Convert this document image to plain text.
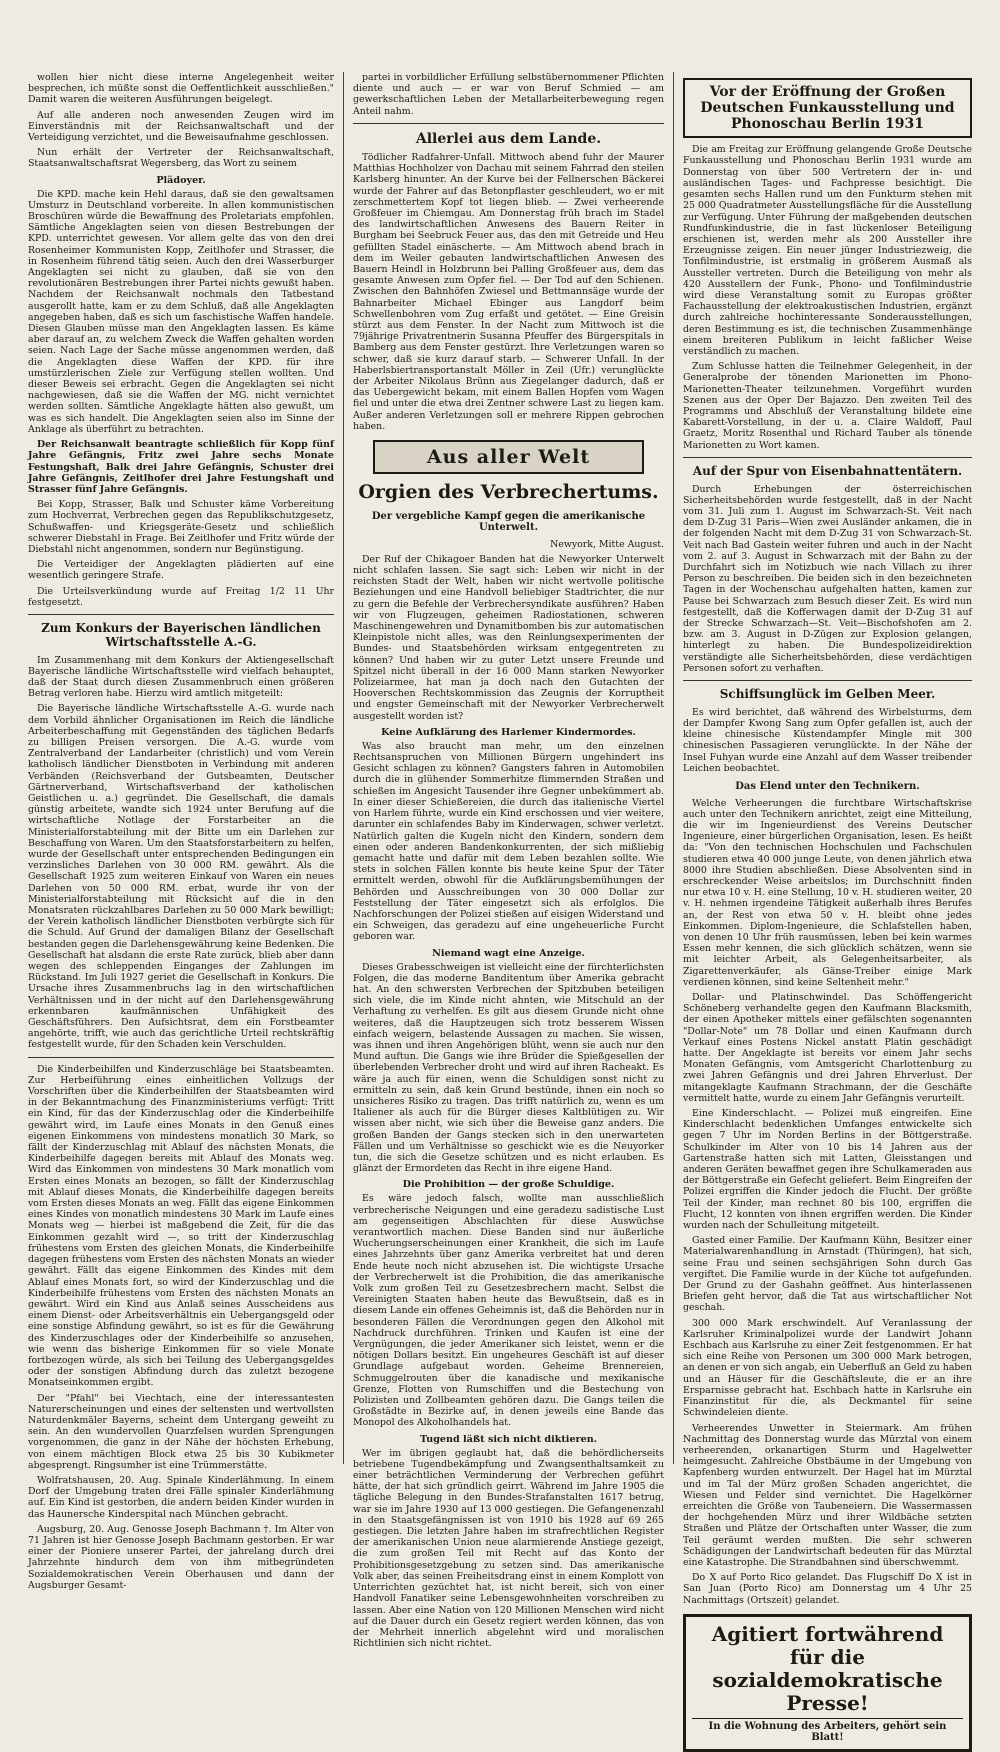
wollen hier nicht diese interne Angelegenheit weiter besprechen, ich müßte sonst die Oeffentlichkeit ausschließen." Damit waren die weiteren Ausführungen beigelegt.

Auf alle anderen noch anwesenden Zeugen wird im Einverständnis mit der Reichsanwaltschaft und der Verteidigung verzichtet, und die Beweisaufnahme geschlossen.

Nun erhält der Vertreter der Reichsanwaltschaft, Staatsanwaltschaftsrat Wegersberg, das Wort zu seinem

Plädoyer.

Die KPD. mache kein Hehl daraus, daß sie den gewaltsamen Umsturz in Deutschland vorbereite. In allen kommunistischen Broschüren würde die Bewaffnung des Proletariats empfohlen. Sämtliche Angeklagten seien von diesen Bestrebungen der KPD. unterrichtet gewesen. Vor allem gelte das von den drei Rosenheimer Kommunisten Kopp, Zeitlhofer und Strasser, die in Rosenheim führend tätig seien. Auch den drei Wasserburger Angeklagten sei nicht zu glauben, daß sie von den revolutionären Bestrebungen ihrer Partei nichts gewußt haben. Nachdem der Reichsanwalt nochmals den Tatbestand ausgerollt hatte, kam er zu dem Schluß, daß alle Angeklagten angegeben haben, daß es sich um faschistische Waffen handele. Diesen Glauben müsse man den Angeklagten lassen. Es käme aber darauf an, zu welchem Zweck die Waffen gehalten worden seien. Nach Lage der Sache müsse angenommen werden, daß die Angeklagten diese Waffen der KPD. für ihre umstürzlerischen Ziele zur Verfügung stellen wollten. Und dieser Beweis sei erbracht. Gegen die Angeklagten sei nicht nachgewiesen, daß sie die Waffen der MG. nicht vernichtet werden sollten. Sämtliche Angeklagte hätten also gewußt, um was es sich handelt. Die Angeklagten seien also im Sinne der Anklage als überführt zu betrachten.

Der Reichsanwalt beantragte schließlich für Kopp fünf Jahre Gefängnis, Fritz zwei Jahre sechs Monate Festungshaft, Balk drei Jahre Gefängnis, Schuster drei Jahre Gefängnis, Zeitlhofer drei Jahre Festungshaft und Strasser fünf Jahre Gefängnis.

Bei Kopp, Strasser, Balk und Schuster käme Vorbereitung zum Hochverrat, Verbrechen gegen das Republikschutzgesetz, Schußwaffen- und Kriegsgeräte-Gesetz und schließlich schwerer Diebstahl in Frage. Bei Zeitlhofer und Fritz würde der Diebstahl nicht angenommen, sondern nur Begünstigung.

Die Verteidiger der Angeklagten plädierten auf eine wesentlich geringere Strafe.

Die Urteilsverkündung wurde auf Freitag 1/2 11 Uhr festgesetzt.

Zum Konkurs der Bayerischen ländlichen Wirtschaftsstelle A.-G.

Im Zusammenhang mit dem Konkurs der Aktiengesellschaft Bayerische ländliche Wirtschaftsstelle wird vielfach behauptet, daß der Staat durch diesen Zusammenbruch einen größeren Betrag verloren habe. Hierzu wird amtlich mitgeteilt:

Die Bayerische ländliche Wirtschaftsstelle A.-G. wurde nach dem Vorbild ähnlicher Organisationen im Reich die ländliche Arbeiterbeschaffung mit Gegenständen des täglichen Bedarfs zu billigen Preisen versorgen. Die A.-G. wurde vom Zentralverband der Landarbeiter (christlich) und vom Verein katholisch ländlicher Dienstboten in Verbindung mit anderen Verbänden (Reichsverband der Gutsbeamten, Deutscher Gärtnerverband, Wirtschaftsverband der katholischen Geistlichen u. a.) gegründet. Die Gesellschaft, die damals günstig arbeitete, wandte sich 1924 unter Berufung auf die wirtschaftliche Notlage der Forstarbeiter an die Ministerialforstabteilung mit der Bitte um ein Darlehen zur Beschaffung von Waren. Um den Staatsforstarbeitern zu helfen, wurde der Gesellschaft unter entsprechenden Bedingungen ein verzinsliches Darlehen von 30 000 RM. gewährt. Als die Gesellschaft 1925 zum weiteren Einkauf von Waren ein neues Darlehen von 50 000 RM. erbat, wurde ihr von der Ministerialforstabteilung mit Rücksicht auf die in den Monatsraten rückzahlbares Darlehen zu 50 000 Mark bewilligt; der Verein katholisch ländlicher Dienstboten verbürgte sich für die Schuld. Auf Grund der damaligen Bilanz der Gesellschaft bestanden gegen die Darlehensgewährung keine Bedenken. Die Gesellschaft hat alsdann die erste Rate zurück, blieb aber dann wegen des schleppenden Einganges der Zahlungen im Rückstand. Im Juli 1927 geriet die Gesellschaft in Konkurs. Die Ursache ihres Zusammenbruchs lag in den wirtschaftlichen Verhältnissen und in der nicht auf den Darlehensgewährung erkennbaren kaufmännischen Unfähigkeit des Geschäftsführers. Den Aufsichtsrat, dem ein Forstbeamter angehörte, trifft, wie auch das gerichtliche Urteil rechtskräftig festgestellt wurde, für den Schaden kein Verschulden.

Die Kinderbeihilfen und Kinderzuschläge bei Staatsbeamten. Zur Herbeiführung eines einheitlichen Vollzugs der Vorschriften über die Kinderbeihilfen der Staatsbeamten wird in der Bekanntmachung des Finanzministeriums verfügt: Tritt ein Kind, für das der Kinderzuschlag oder die Kinderbeihilfe gewährt wird, im Laufe eines Monats in den Genuß eines eigenen Einkommens von mindestens monatlich 30 Mark, so fällt der Kinderzuschlag mit Ablauf des nächsten Monats, die Kinderbeihilfe dagegen bereits mit Ablauf des Monats weg. Wird das Einkommen von mindestens 30 Mark monatlich vom Ersten eines Monats an bezogen, so fällt der Kinderzuschlag mit Ablauf dieses Monats, die Kinderbeihilfe dagegen bereits vom Ersten dieses Monats an weg. Fällt das eigene Einkommen eines Kindes von monatlich mindestens 30 Mark im Laufe eines Monats weg — hierbei ist maßgebend die Zeit, für die das Einkommen gezahlt wird —, so tritt der Kinderzuschlag frühestens vom Ersten des gleichen Monats, die Kinderbeihilfe dagegen frühestens vom Ersten des nächsten Monats an wieder gewährt. Fällt das eigene Einkommen des Kindes mit dem Ablauf eines Monats fort, so wird der Kinderzuschlag und die Kinderbeihilfe frühestens vom Ersten des nächsten Monats an gewährt. Wird ein Kind aus Anlaß seines Ausscheidens aus einem Dienst- oder Arbeitsverhältnis ein Uebergangsgeld oder eine sonstige Abfindung gewährt, so ist es für die Gewährung des Kinderzuschlages oder der Kinderbeihilfe so anzusehen, wie wenn das bisherige Einkommen für so viele Monate fortbezogen würde, als sich bei Teilung des Uebergangsgeldes oder der sonstigen Abfindung durch das zuletzt bezogene Monatseinkommen ergibt.

Der "Pfahl" bei Viechtach, eine der interessantesten Naturerscheinungen und eines der seltensten und wertvollsten Naturdenkmäler Bayerns, scheint dem Untergang geweiht zu sein. An den wundervollen Quarzfelsen wurden Sprengungen vorgenommen, die ganz in der Nähe der höchsten Erhebung, von einem mächtigen Block etwa 25 bis 30 Kubikmeter abgesprengt. Ringsumher ist eine Trümmerstätte.

Wolfratshausen, 20. Aug. Spinale Kinderlähmung. In einem Dorf der Umgebung traten drei Fälle spinaler Kinderlähmung auf. Ein Kind ist gestorben, die andern beiden Kinder wurden in das Haunersche Kinderspital nach München gebracht.

Augsburg, 20. Aug. Genosse Joseph Bachmann †. Im Alter von 71 Jahren ist hier Genosse Joseph Bachmann gestorben. Er war einer der Pioniere unserer Partei, der jahrelang durch drei Jahrzehnte hindurch dem von ihm mitbegründeten Sozialdemokratischen Verein Oberhausen und dann der Augsburger Gesamt-

partei in vorbildlicher Erfüllung selbstübernommener Pflichten diente und auch — er war von Beruf Schmied — am gewerkschaftlichen Leben der Metallarbeiterbewegung regen Anteil nahm.

Allerlei aus dem Lande.

Tödlicher Radfahrer-Unfall. Mittwoch abend fuhr der Maurer Matthias Hochholzer von Dachau mit seinem Fahrrad den steilen Karlsberg hinunter. An der Kurve bei der Fellnerschen Bäckerei wurde der Fahrer auf das Betonpflaster geschleudert, wo er mit zerschmettertem Kopf tot liegen blieb. — Zwei verheerende Großfeuer im Chiemgau. Am Donnerstag früh brach im Stadel des landwirtschaftlichen Anwesens des Bauern Reiter in Burgham bei Seebruck Feuer aus, das den mit Getreide und Heu gefüllten Stadel einäscherte. — Am Mittwoch abend brach in dem im Weiler gebauten landwirtschaftlichen Anwesen des Bauern Heindl in Holzbrunn bei Palling Großfeuer aus, dem das gesamte Anwesen zum Opfer fiel. — Der Tod auf den Schienen. Zwischen den Bahnhöfen Zwiesel und Bettmannsäge wurde der Bahnarbeiter Michael Ebinger aus Langdorf beim Schwellenbohren vom Zug erfaßt und getötet. — Eine Greisin stürzt aus dem Fenster. In der Nacht zum Mittwoch ist die 79jährige Privatrentnerin Susanna Pfeuffer des Bürgerspitals in Bamberg aus dem Fenster gestürzt. Ihre Verletzungen waren so schwer, daß sie kurz darauf starb. — Schwerer Unfall. In der Haberlsbiertransportanstalt Möller in Zeil (Ufr.) verunglückte der Arbeiter Nikolaus Brünn aus Ziegelanger dadurch, daß er das Uebergewicht bekam, mit einem Ballen Hopfen vom Wagen fiel und unter die etwa drei Zentner schwere Last zu liegen kam. Außer anderen Verletzungen soll er mehrere Rippen gebrochen haben.

Aus aller Welt
Orgien des Verbrechertums.
Der vergebliche Kampf gegen die amerikanische Unterwelt.
Newyork, Mitte August.

Der Ruf der Chikagoer Banden hat die Newyorker Unterwelt nicht schlafen lassen. Sie sagt sich: Leben wir nicht in der reichsten Stadt der Welt, haben wir nicht wertvolle politische Beziehungen und eine Handvoll beliebiger Stadtrichter, die nur zu gern die Befehle der Verbrechersyndikate ausführen? Haben wir von Flugzeugen, geheimen Radiostationen, schweren Maschinengewehren und Dynamitbomben bis zur automatischen Kleinpistole nicht alles, was den Reinlungsexperimenten der Bundes- und Staatsbehörden wirksam entgegentreten zu können? Und haben wir zu guter Letzt unsere Freunde und Spitzel nicht überall in der 16 000 Mann starken Newyorker Polizeiarmee, hat man ja doch nach den Gutachten der Hooverschen Rechtskommission das Zeugnis der Korruptheit und engster Gemeinschaft mit der Newyorker Verbrecherwelt ausgestellt worden ist?

Keine Aufklärung des Harlemer Kindermordes.

Was also braucht man mehr, um den einzelnen Rechtsanspruchen von Millionen Bürgern ungehindert ins Gesicht schlagen zu können? Gangsters fahren in Automobilen durch die in glühender Sommerhitze flimmernden Straßen und schießen im Angesicht Tausender ihre Gegner unbekümmert ab. In einer dieser Schießereien, die durch das italienische Viertel von Harlem führte, wurde ein Kind erschossen und vier weitere, darunter ein schlafendes Baby im Kinderwagen, schwer verletzt. Natürlich galten die Kugeln nicht den Kindern, sondern dem einen oder anderen Bandenkonkurrenten, der sich mißliebig gemacht hatte und dafür mit dem Leben bezahlen sollte. Wie stets in solchen Fällen konnte bis heute keine Spur der Täter ermittelt werden, obwohl für die Aufklärungsbemühungen der Behörden und Ausschreibungen von 30 000 Dollar zur Feststellung der Täter eingesetzt sich als erfolglos. Die Nachforschungen der Polizei stießen auf eisigen Widerstand und ein Schweigen, das geradezu auf eine ungeheuerliche Furcht geboren war.

Niemand wagt eine Anzeige.

Dieses Grabesschweigen ist vielleicht eine der fürchterlichsten Folgen, die das moderne Banditentum über Amerika gebracht hat. An den schwersten Verbrechen der Spitzbuben beteiligen sich viele, die im Kinde nicht ahnten, wie Mitschuld an der Verhaftung zu verhelfen. Es gilt aus diesem Grunde nicht ohne weiteres, daß die Hauptzeugen sich trotz besserem Wissen einfach weigern, belastende Aussagen zu machen. Sie wissen, was ihnen und ihren Angehörigen blüht, wenn sie auch nur den Mund auftun. Die Gangs wie ihre Brüder die Spießgesellen der überlebenden Verbrecher droht und wird auf ihren Racheakt. Es wäre ja auch für einen, wenn die Schuldigen sonst nicht zu ermitteln zu sein, daß kein Grund bestünde, ihnen ein noch so unsicheres Risiko zu tragen. Das trifft natürlich zu, wenn es um Italiener als auch für die Bürger dieses Kaltblütigen zu. Wir wissen aber nicht, wie sich über die Beweise ganz anders. Die großen Banden der Gangs stecken sich in den unerwarteten Fällen und um Verhältnisse so geschickt wie es die Neuyorker tun, die sich die Gesetze schützen und es nicht erlauben. Es glänzt der Ermordeten das Recht in ihre eigene Hand.

Die Prohibition — der große Schuldige.

Es wäre jedoch falsch, wollte man ausschließlich verbrecherische Neigungen und eine geradezu sadistische Lust am gegenseitigen Abschlachten für diese Auswüchse verantwortlich machen. Diese Banden sind nur äußerliche Wucherungserscheinungen einer Krankheit, die sich im Laufe eines Jahrzehnts über ganz Amerika verbreitet hat und deren Ende heute noch nicht abzusehen ist. Die wichtigste Ursache der Verbrecherwelt ist die Prohibition, die das amerikanische Volk zum großen Teil zu Gesetzesbrechern macht. Selbst die Vereinigten Staaten haben heute das Bewußtsein, daß es in diesem Lande ein offenes Geheimnis ist, daß die Behörden nur in besonderen Fällen die Verordnungen gegen den Alkohol mit Nachdruck durchführen. Trinken und Kaufen ist eine der Vergnügungen, die jeder Amerikaner sich leistet, wenn er die nötigen Dollars besitzt. Ein ungeheures Geschäft ist auf dieser Grundlage aufgebaut worden. Geheime Brennereien, Schmuggelrouten über die kanadische und mexikanische Grenze, Flotten von Rumschiffen und die Bestechung von Polizisten und Zollbeamten gehören dazu. Die Gangs teilen die Großstädte in Bezirke auf, in denen jeweils eine Bande das Monopol des Alkoholhandels hat.

Tugend läßt sich nicht diktieren.

Wer im übrigen geglaubt hat, daß die behördlicherseits betriebene Tugendbekämpfung und Zwangsenthaltsamkeit zu einer beträchtlichen Verminderung der Verbrechen geführt hätte, der hat sich gründlich geirrt. Während im Jahre 1905 die tägliche Belegung in den Bundes-Strafanstalten 1617 betrug, war sie im Jahre 1930 auf 13 000 gestiegen. Die Gefangenenzahl in den Staatsgefängnissen ist von 1910 bis 1928 auf 69 265 gestiegen. Die letzten Jahre haben im strafrechtlichen Register der amerikanischen Union neue alarmierende Anstiege gezeigt, die zum großen Teil mit Recht auf das Konto der Prohibitionsgesetzgebung zu setzen sind. Das amerikanische Volk aber, das seinen Freiheitsdrang einst in einem Komplott von Unterrichten gezüchtet hat, ist nicht bereit, sich von einer Handvoll Fanatiker seine Lebensgewohnheiten vorschreiben zu lassen. Aber eine Nation von 120 Millionen Menschen wird nicht auf die Dauer durch ein Gesetz regiert werden können, das von der Mehrheit innerlich abgelehnt wird und moralischen Richtlinien sich nicht richtet.

Vor der Eröffnung der Großen Deutschen Funkausstellung und Phonoschau Berlin 1931

Die am Freitag zur Eröffnung gelangende Große Deutsche Funkausstellung und Phonoschau Berlin 1931 wurde am Donnerstag von über 500 Vertretern der in- und ausländischen Tages- und Fachpresse besichtigt. Die gesamten sechs Hallen rund um den Funkturm stehen mit 25 000 Quadratmeter Ausstellungsfläche für die Ausstellung zur Verfügung. Unter Führung der maßgebenden deutschen Rundfunkindustrie, die in fast lückenloser Beteiligung erschienen ist, werden mehr als 200 Aussteller ihre Erzeugnisse zeigen. Ein neuer jünger Industriezweig, die Tonfilmindustrie, ist erstmalig in größerem Ausmaß als Aussteller vertreten. Durch die Beteiligung von mehr als 420 Ausstellern der Funk-, Phono- und Tonfilmindustrie wird diese Veranstaltung somit zu Europas größter Fachausstellung der elektroakustischen Industrien, ergänzt durch zahlreiche hochinteressante Sonderausstellungen, deren Bestimmung es ist, die technischen Zusammenhänge einem breiteren Publikum in leicht faßlicher Weise verständlich zu machen.

Zum Schlusse hatten die Teilnehmer Gelegenheit, in der Generalprobe der tönenden Marionetten im Phono-Marionetten-Theater teilzunehmen. Vorgeführt wurden Szenen aus der Oper Der Bajazzo. Den zweiten Teil des Programms und Abschluß der Veranstaltung bildete eine Kabarett-Vorstellung, in der u. a. Claire Waldoff, Paul Graetz, Moritz Rosenthal und Richard Tauber als tönende Marionetten zu Wort kamen.

Auf der Spur von Eisenbahnattentätern.

Durch Erhebungen der österreichischen Sicherheitsbehörden wurde festgestellt, daß in der Nacht vom 31. Juli zum 1. August im Schwarzach-St. Veit nach dem D-Zug 31 Paris—Wien zwei Ausländer ankamen, die in der folgenden Nacht mit dem D-Zug 31 von Schwarzach-St. Veit nach Bad Gastein weiter fuhren und auch in der Nacht vom 2. auf 3. August in Schwarzach mit der Bahn zu der Durchfahrt sich im Notizbuch wie nach Villach zu ihrer Person zu beschreiben. Die beiden sich in den bezeichneten Tagen in der Wochenschau aufgehalten hatten, kamen zur Pause bei Schwarzach zum Besuch dieser Zeit. Es wird nun festgestellt, daß die Kofferwagen damit der D-Zug 31 auf der Strecke Schwarzach—St. Veit—Bischofshofen am 2. bzw. am 3. August in D-Zügen zur Explosion gelangen, hinterlegt zu haben. Die Bundespolizeidirektion verständigte alle Sicherheitsbehörden, diese verdächtigen Personen sofort zu verhaften.

Schiffsunglück im Gelben Meer.

Es wird berichtet, daß während des Wirbelsturms, dem der Dampfer Kwong Sang zum Opfer gefallen ist, auch der kleine chinesische Küstendampfer Mingle mit 300 chinesischen Passagieren verunglückte. In der Nähe der Insel Fuhyan wurde eine Anzahl auf dem Wasser treibender Leichen beobachtet.

Das Elend unter den Technikern.

Welche Verheerungen die furchtbare Wirtschaftskrise auch unter den Technikern anrichtet, zeigt eine Mitteilung, die wir im Ingenieurdienst des Vereins Deutscher Ingenieure, einer bürgerlichen Organisation, lesen. Es heißt da: "Von den technischen Hochschulen und Fachschulen studieren etwa 40 000 junge Leute, von denen jährlich etwa 8000 ihre Studien abschließen. Diese Absolventen sind in erschreckender Weise arbeitslos; im Durchschnitt finden nur etwa 10 v. H. eine Stellung, 10 v. H. studieren weiter, 20 v. H. nehmen irgendeine Tätigkeit außerhalb ihres Berufes an, der Rest von etwa 50 v. H. bleibt ohne jedes Einkommen. Diplom-Ingenieure, die Schlafstellen haben, von denen 10 Uhr früh rausmüssen, leben bei kein warmes Essen mehr kennen, die sich glücklich schätzen, wenn sie mit leichter Arbeit, als Gelegenheitsarbeiter, als Zigarettenverkäufer, als Gänse-Treiber einige Mark verdienen können, sind keine Seltenheit mehr."

Dollar- und Platinschwindel. Das Schöffengericht Schöneberg verhandelte gegen den Kaufmann Blacksmith, der einen Apotheker mittels einer gefälschten sogenannten "Dollar-Note" um 78 Dollar und einen Kaufmann durch Verkauf eines Postens Nickel anstatt Platin geschädigt hatte. Der Angeklagte ist bereits vor einem Jahr sechs Monaten Gefängnis, vom Amtsgericht Charlottenburg zu zwei Jahren Gefängnis und drei Jahren Ehrverlust. Der mitangeklagte Kaufmann Strachmann, der die Geschäfte vermittelt hatte, wurde zu einem Jahr Gefängnis verurteilt.

Eine Kinderschlacht. — Polizei muß eingreifen. Eine Kinderschlacht bedenklichen Umfanges entwickelte sich gegen 7 Uhr im Norden Berlins in der Böttgerstraße. Schulkinder im Alter von 10 bis 14 Jahren aus der Gartenstraße hatten sich mit Latten, Gleisstangen und anderen Geräten bewaffnet gegen ihre Schulkameraden aus der Böttgerstraße ein Gefecht geliefert. Beim Eingreifen der Polizei ergriffen die Kinder jedoch die Flucht. Der größte Teil der Kinder, man rechnet 80 bis 100, ergriffen die Flucht, 12 konnten von ihnen ergriffen werden. Die Kinder wurden nach der Schulleitung mitgeteilt.

Gasted einer Familie. Der Kaufmann Kühn, Besitzer einer Materialwarenhandlung in Arnstadt (Thüringen), hat sich, seine Frau und seinen sechsjährigen Sohn durch Gas vergiftet. Die Familie wurde in der Küche tot aufgefunden. Der Grund zu der Gashahn geöffnet. Aus hinterlassenen Briefen geht hervor, daß die Tat aus wirtschaftlicher Not geschah.

300 000 Mark erschwindelt. Auf Veranlassung der Karlsruher Kriminalpolizei wurde der Landwirt Johann Eschbach aus Karlsruhe zu einer Zeit festgenommen. Er hat sich eine Reihe von Personen um 300 000 Mark betrogen, an denen er von sich angab, ein Ueberfluß an Geld zu haben und an Häuser für die Geschäftsleute, die er an ihre Ersparnisse gebracht hat. Eschbach hatte in Karlsruhe ein Finanzinstitut für die, als Deckmantel für seine Schwindeleien diente.

Verheerendes Unwetter in Steiermark. Am frühen Nachmittag des Donnerstag wurde das Mürztal von einem verheerenden, orkanartigen Sturm und Hagelwetter heimgesucht. Zahlreiche Obstbäume in der Umgebung von Kapfenberg wurden entwurzelt. Der Hagel hat im Mürztal und im Tal der Mürz großen Schaden angerichtet, die Wiesen und Felder sind vernichtet. Die Hagelkörner erreichten die Größe von Taubeneiern. Die Wassermassen der hochgehenden Mürz und ihrer Wildbäche setzten Straßen und Plätze der Ortschaften unter Wasser, die zum Teil geräumt werden mußten. Die sehr schweren Schädigungen der Landwirtschaft bedeuten für das Mürztal eine Katastrophe. Die Strandbahnen sind überschwemmt.

Do X auf Porto Rico gelandet. Das Flugschiff Do X ist in San Juan (Porto Rico) am Donnerstag um 4 Uhr 25 Nachmittags (Ortszeit) gelandet.

Agitiert fortwährend für die sozialdemokratische Presse!
In die Wohnung des Arbeiters, gehört sein Blatt!
